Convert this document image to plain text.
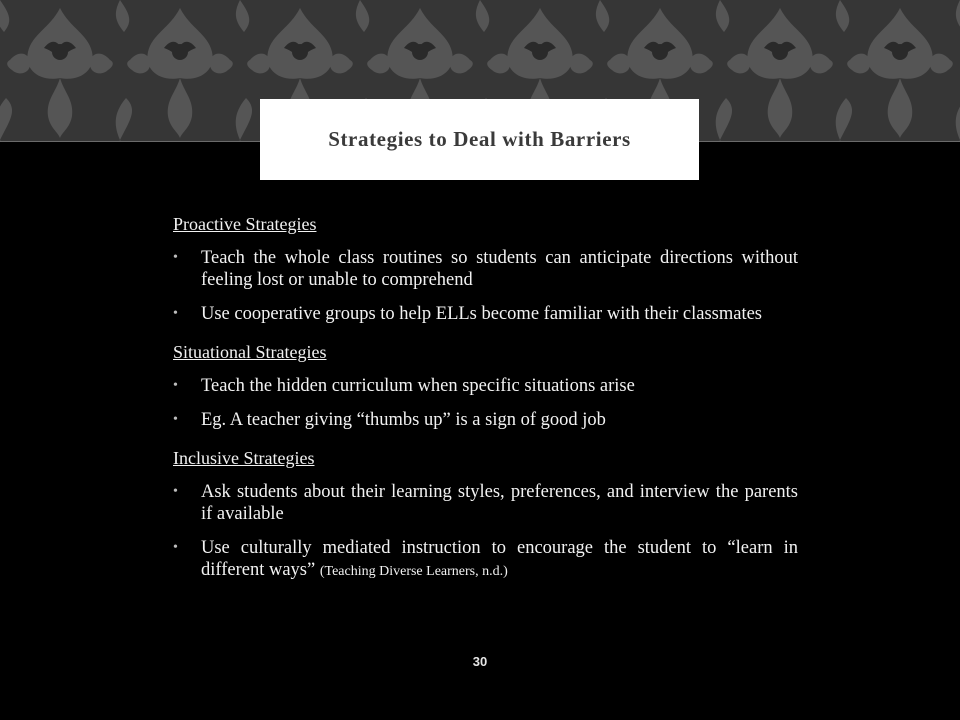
Strategies to Deal with Barriers

Proactive Strategies

• Teach the whole class routines so students can anticipate directions without feeling lost or unable to comprehend
• Use cooperative groups to help ELLs become familiar with their classmates

Situational Strategies

• Teach the hidden curriculum when specific situations arise
• Eg. A teacher giving “thumbs up” is a sign of good job

Inclusive Strategies

• Ask students about their learning styles, preferences, and interview the parents if available
• Use culturally mediated instruction to encourage the student to “learn in different ways” (Teaching Diverse Learners, n.d.)
30
